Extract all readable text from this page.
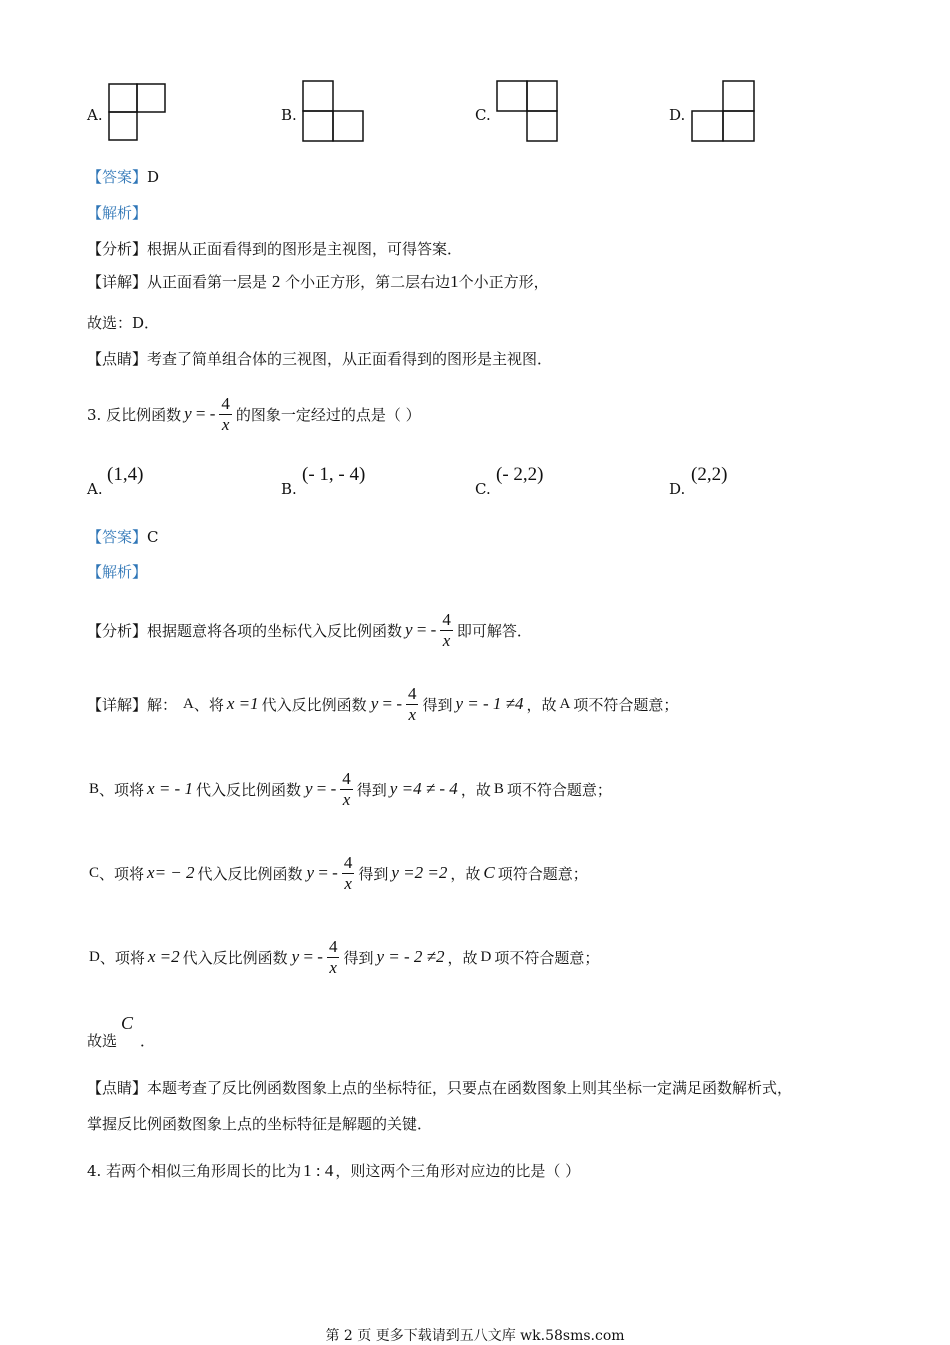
A.	B.	C.	D.
【答案】D
【解析】
【分析】根据从正面看得到的图形是主视图，可得答案．
【详解】从正面看第一层是 2 个小正方形，第二层右边1个小正方形，
故选：D．
【点睛】考查了简单组合体的三视图，从正面看得到的图形是主视图．
3. 反比例函数 y = - $\frac{4}{x}$ 的图象一定经过的点是（ ）
A.
(1,4)
B.
(- 1, - 4)
C.
(- 2,2)
D.
(2,2)
【答案】C
【解析】
【分析】 根据题意将各项的坐标代入反比例函数 y = - $\frac{4}{x}$ 即可解答．
【详解】 解： A 、将 x =1 代入反比例函数 y = - $\frac{4}{x}$ 得到 y = - 1 ≠4 ，故 A 项不符合题意；
B 、项将 x = - 1 代入反比例函数 y = - $\frac{4}{x}$ 得到 y =4 ≠ - 4 ，故 B 项不符合题意；
C 、项将 x= − 2 代入反比例函数 y = - $\frac{4}{x}$ 得到 y =2 =2 ，故 C 项符合题意；
D 、项将 x =2 代入反比例函数 y = - $\frac{4}{x}$ 得到 y = - 2 ≠2 ，故 D 项不符合题意；
故选
C
．
【点睛】本题考查了反比例函数图象上点的坐标特征，只要点在函数图象上则其坐标一定满足函数解析式，
掌握反比例函数图象上点的坐标特征是解题的关键．
4. 若两个相似三角形周长的比为 1 : 4 ，则这两个三角形对应边的比是（ ）
第 2 页 更多下载请到五八文库 wk.58sms.com
